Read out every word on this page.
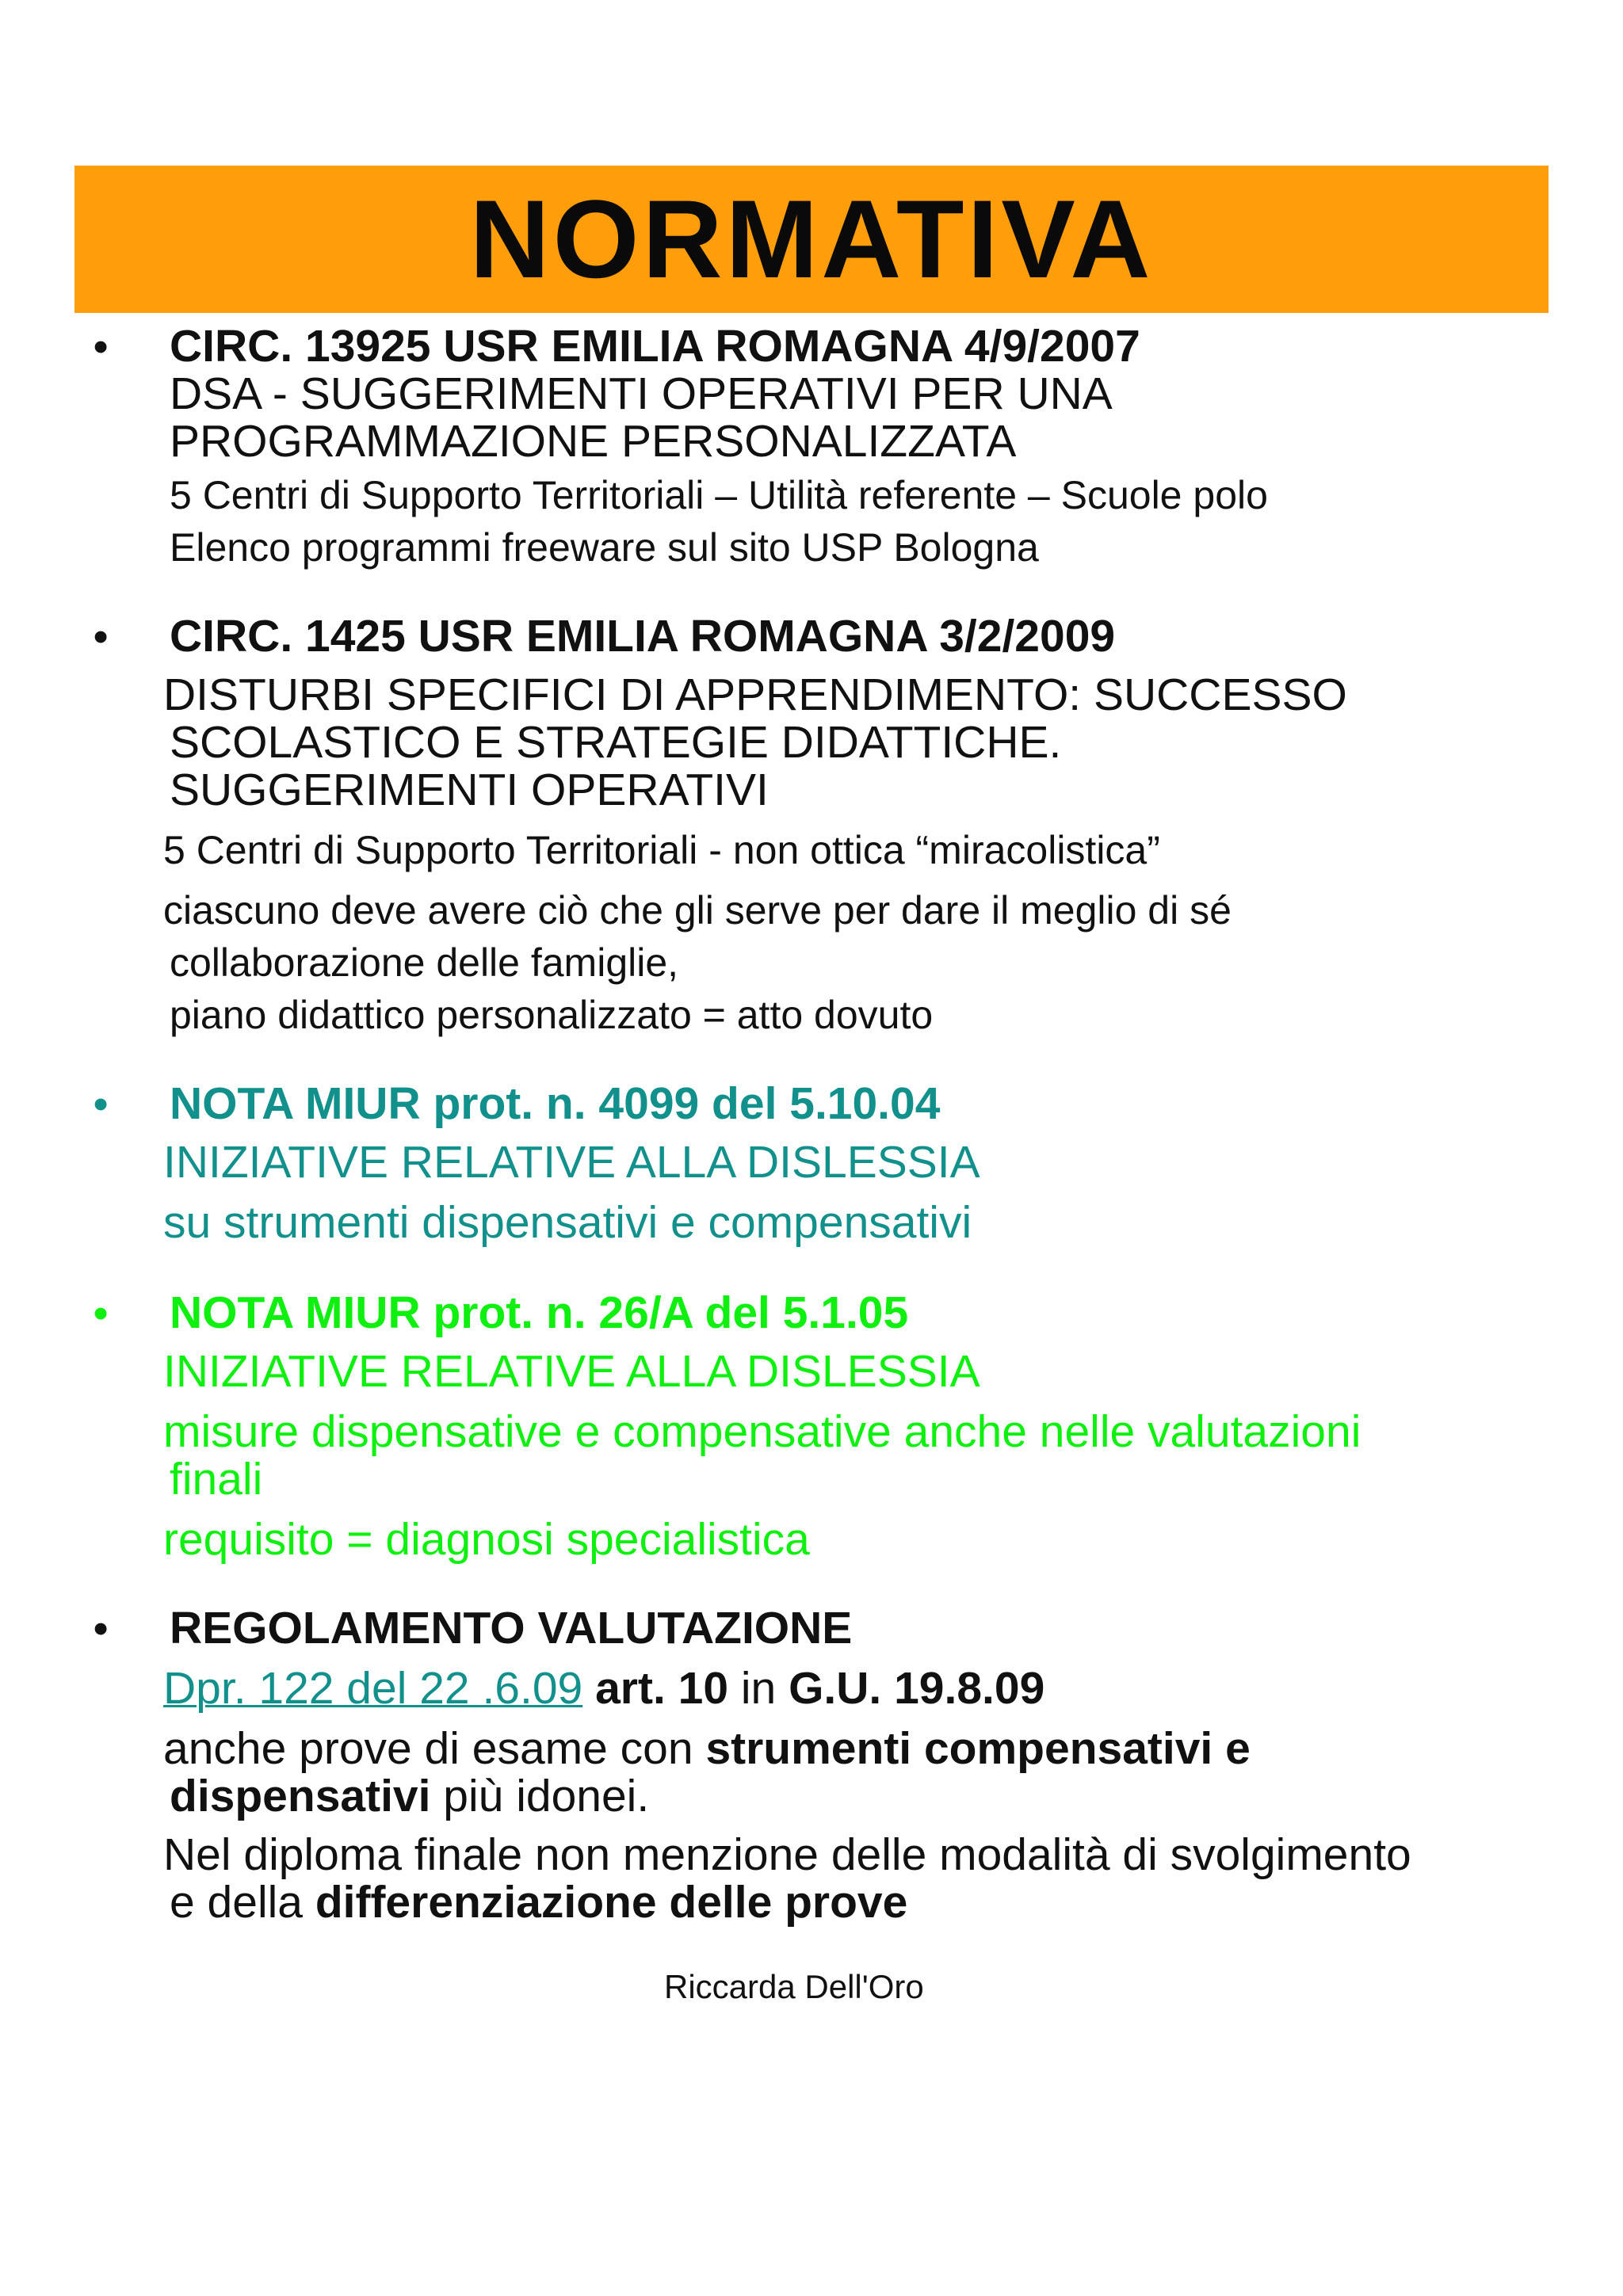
NORMATIVA
• CIRC. 13925 USR EMILIA ROMAGNA 4/9/2007
DSA - SUGGERIMENTI OPERATIVI PER UNA
PROGRAMMAZIONE PERSONALIZZATA
5 Centri di Supporto Territoriali – Utilità referente – Scuole polo
Elenco programmi freeware sul sito USP Bologna
• CIRC. 1425 USR EMILIA ROMAGNA 3/2/2009
DISTURBI SPECIFICI DI APPRENDIMENTO: SUCCESSO
SCOLASTICO E STRATEGIE DIDATTICHE.
SUGGERIMENTI OPERATIVI
5 Centri di Supporto Territoriali - non ottica “miracolistica”
ciascuno deve avere ciò che gli serve per dare il meglio di sé
collaborazione delle famiglie,
piano didattico personalizzato = atto dovuto
• NOTA MIUR prot. n. 4099 del 5.10.04
INIZIATIVE RELATIVE ALLA DISLESSIA
su strumenti dispensativi e compensativi
• NOTA MIUR prot. n. 26/A del 5.1.05
INIZIATIVE RELATIVE ALLA DISLESSIA
misure dispensative e compensative anche nelle valutazioni
finali
requisito = diagnosi specialistica
• REGOLAMENTO VALUTAZIONE
Dpr. 122 del 22 .6.09 art. 10 in G.U. 19.8.09
anche prove di esame con strumenti compensativi e
dispensativi più idonei.
Nel diploma finale non menzione delle modalità di svolgimento
e della differenziazione delle prove
Riccarda Dell'Oro
